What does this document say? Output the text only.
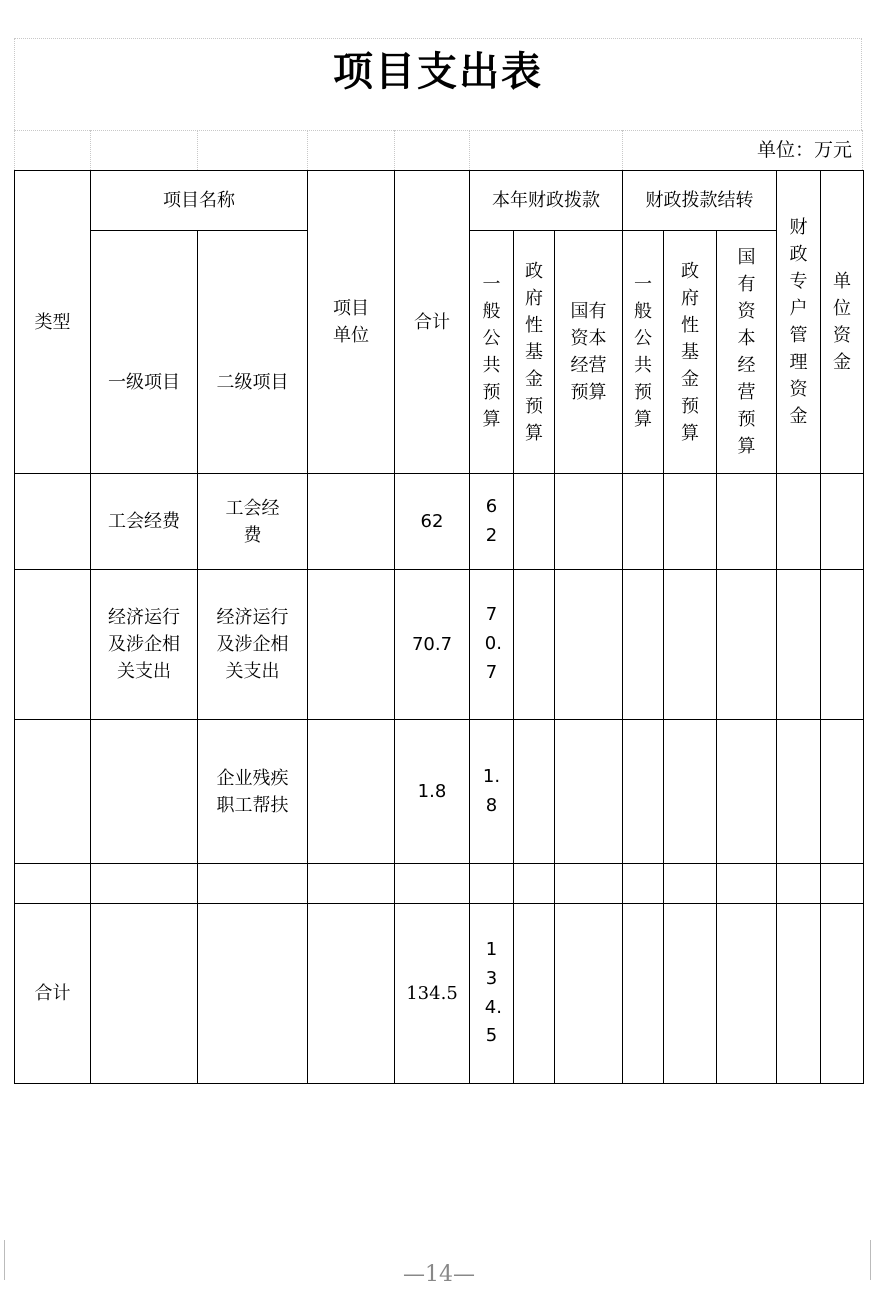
项目支出表
单位：万元
类型	项目名称		项目单位	合计	本年财政拨款			财政拨款结转			财政专户管理资金	单位资金
	一级项目	二级项目			一般公共预算	政府性基金预算	国有资本经营预算	一般公共预算	政府性基金预算	国有资本经营预算		
	工会经费	工会经费		62	62							
	经济运行及涉企相关支出	经济运行及涉企相关支出		70.7	70.7							
		企业残疾职工帮扶		1.8	1.8							

合计				134.5	134.5							
—14—
